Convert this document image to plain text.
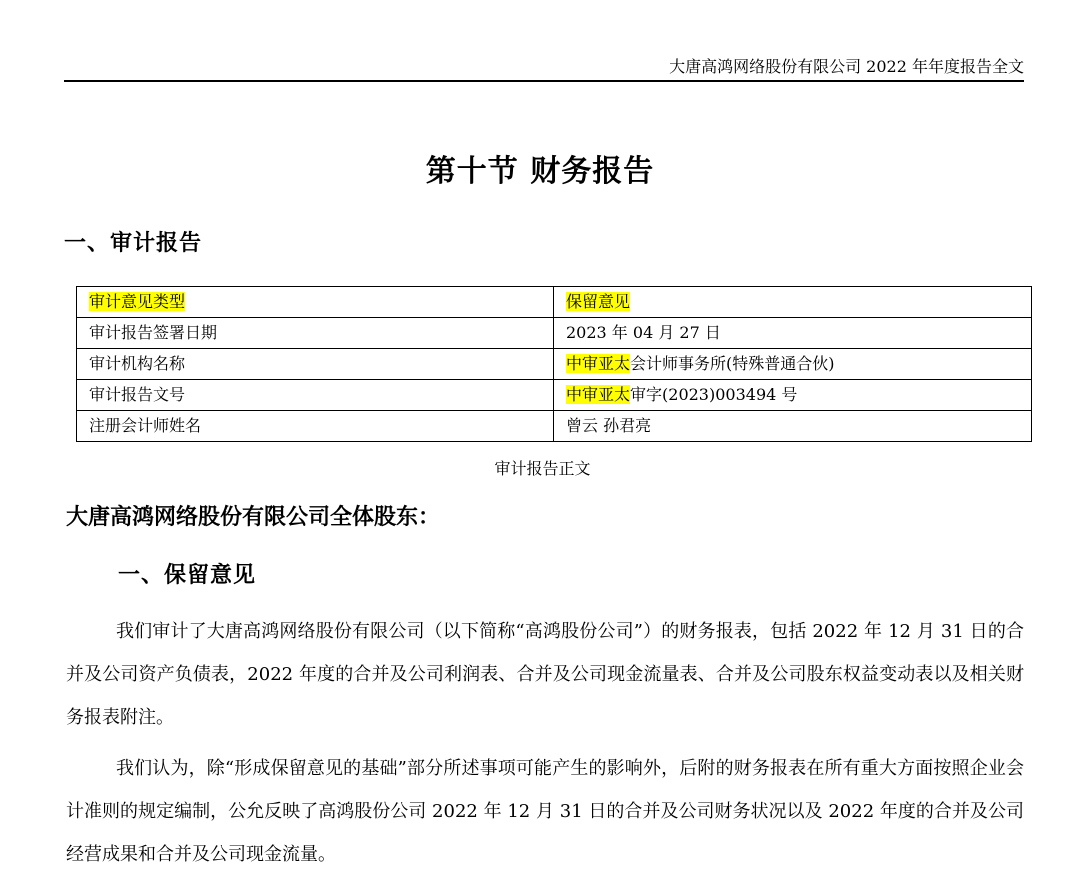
大唐高鸿网络股份有限公司 2022 年年度报告全文
第十节 财务报告
一、审计报告
审计意见类型	保留意见
审计报告签署日期	2023 年 04 月 27 日
审计机构名称	中审亚太会计师事务所(特殊普通合伙)
审计报告文号	中审亚太审字(2023)003494 号
注册会计师姓名	曾云 孙君亮
审计报告正文
大唐高鸿网络股份有限公司全体股东：
一、保留意见
我们审计了大唐高鸿网络股份有限公司（以下简称“高鸿股份公司”）的财务报表，包括 2022 年 12 月 31 日的合并及公司资产负债表，2022 年度的合并及公司利润表、合并及公司现金流量表、合并及公司股东权益变动表以及相关财务报表附注。
我们认为，除“形成保留意见的基础”部分所述事项可能产生的影响外，后附的财务报表在所有重大方面按照企业会计准则的规定编制，公允反映了高鸿股份公司 2022 年 12 月 31 日的合并及公司财务状况以及 2022 年度的合并及公司经营成果和合并及公司现金流量。
